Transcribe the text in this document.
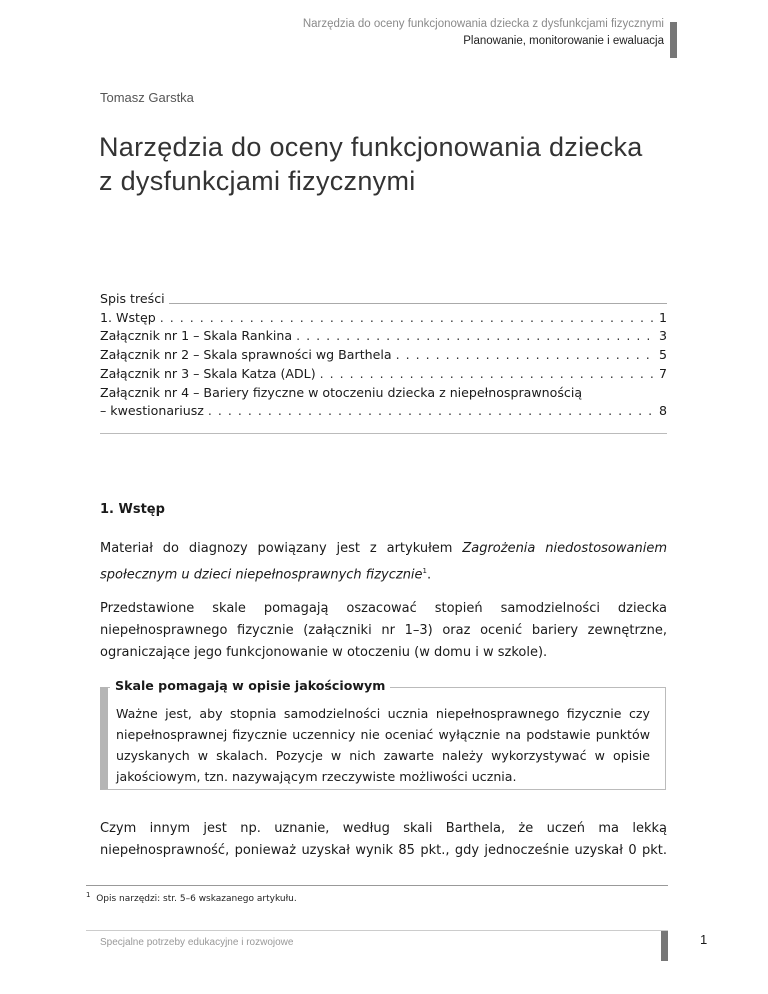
Narzędzia do oceny funkcjonowania dziecka z dysfunkcjami fizycznymi
Planowanie, monitorowanie i ewaluacja
Tomasz Garstka
Narzędzia do oceny funkcjonowania dziecka
z dysfunkcjami fizycznymi
Spis treści
1. Wstęp . . .	1
Załącznik nr 1 – Skala Rankina . . .	3
Załącznik nr 2 – Skala sprawności wg Barthela . . .	5
Załącznik nr 3 – Skala Katza (ADL) . . .	7
Załącznik nr 4 – Bariery fizyczne w otoczeniu dziecka z niepełnosprawnością
– kwestionariusz . . .	8
1. Wstęp

Materiał do diagnozy powiązany jest z artykułem Zagrożenia niedostosowaniem społecznym u dzieci niepełnosprawnych fizycznie$^1$.

Przedstawione skale pomagają oszacować stopień samodzielności dziecka niepełnosprawnego fizycznie (załączniki nr 1–3) oraz ocenić bariery zewnętrzne, ograniczające jego funkcjonowanie w otoczeniu (w domu i w szkole).

Skale pomagają w opisie jakościowym

Ważne jest, aby stopnia samodzielności ucznia niepełnosprawnego fizycznie czy niepełnosprawnej fizycznie uczennicy nie oceniać wyłącznie na podstawie punktów uzyskanych w skalach. Pozycje w nich zawarte należy wykorzystywać w opisie jakościowym, tzn. nazywającym rzeczywiste możliwości ucznia.

Czym innym jest np. uznanie, według skali Barthela, że uczeń ma lekką niepełnosprawność, ponieważ uzyskał wynik 85 pkt., gdy jednocześnie uzyskał 0 pkt.

$^1$ Opis narzędzi: str. 5–6 wskazanego artykułu.

Specjalne potrzeby edukacyjne i rozwojowe	1
